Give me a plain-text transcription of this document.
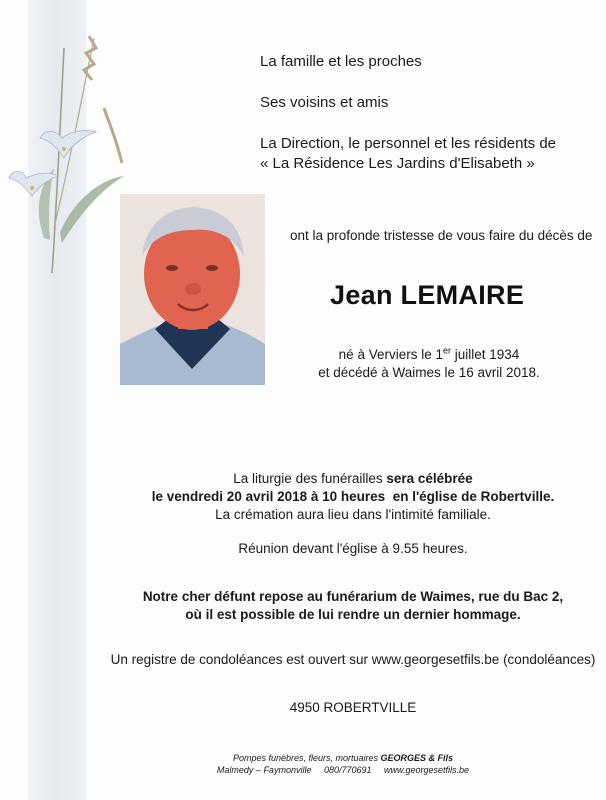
La famille et les proches
Ses voisins et amis
La Direction, le personnel et les résidents de
« La Résidence Les Jardins d'Elisabeth »
ont la profonde tristesse de vous faire du décès de
Jean LEMAIRE
né à Verviers le 1er juillet 1934
et décédé à Waimes le 16 avril 2018.
La liturgie des funérailles sera célébrée
le vendredi 20 avril 2018 à 10 heures  en l'église de Robertville.
La crémation aura lieu dans l'intimité familiale.
Réunion devant l'église à 9.55 heures.
Notre cher défunt repose au funérarium de Waimes, rue du Bac 2,
où il est possible de lui rendre un dernier hommage.
Un registre de condoléances est ouvert sur www.georgesetfils.be (condoléances)
4950 ROBERTVILLE
Pompes funèbres, fleurs, mortuaires GEORGES & Fils
Malmedy – Faymonville     080/770691     www.georgesetfils.be
